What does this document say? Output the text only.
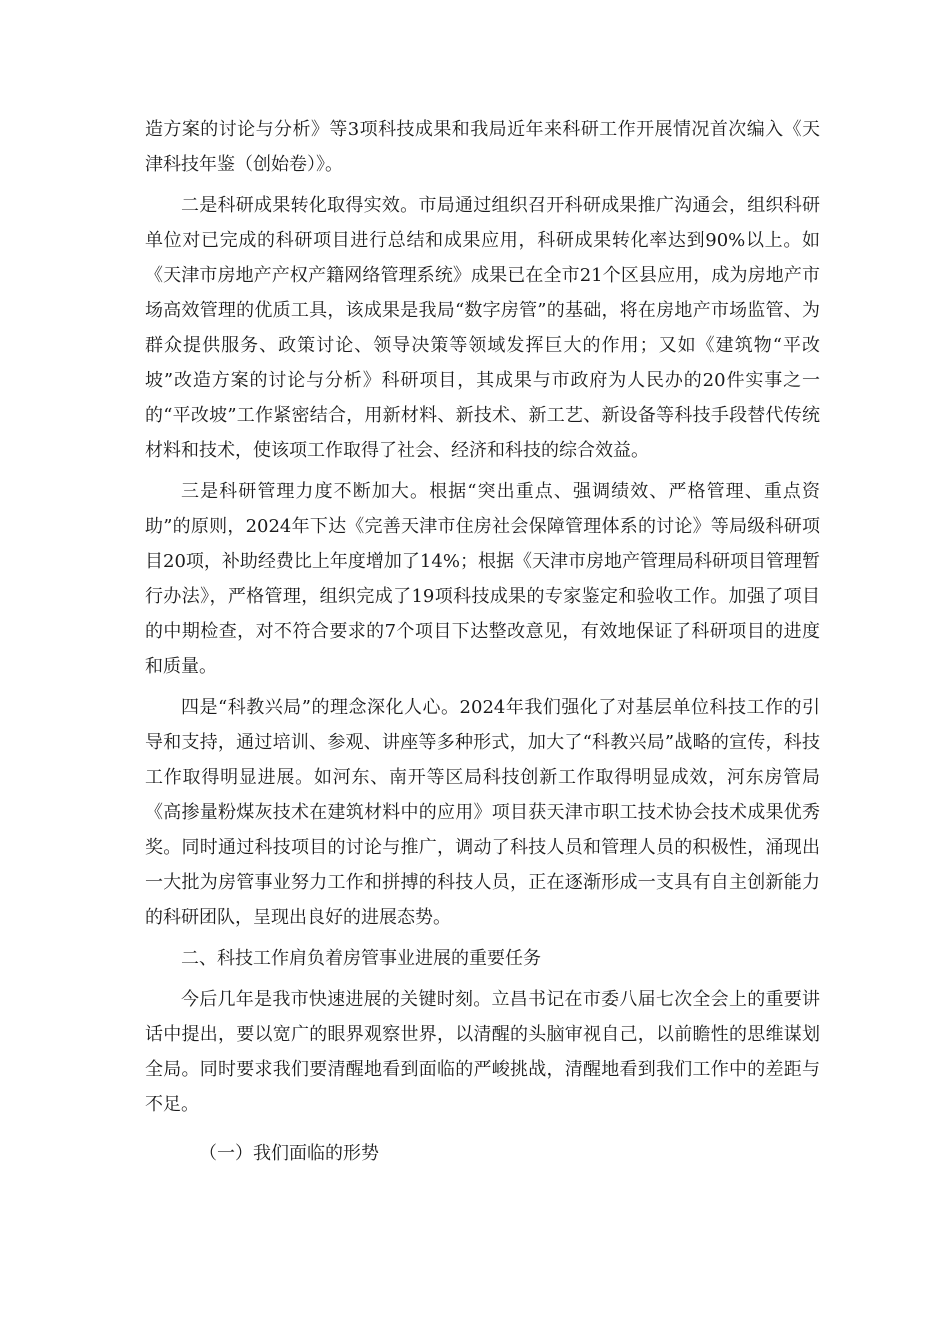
造方案的讨论与分析》等3项科技成果和我局近年来科研工作开展情况首次编入《天津科技年鉴（创始卷）》。

二是科研成果转化取得实效。市局通过组织召开科研成果推广沟通会，组织科研单位对已完成的科研项目进行总结和成果应用，科研成果转化率达到90%以上。如《天津市房地产产权产籍网络管理系统》成果已在全市21个区县应用，成为房地产市场高效管理的优质工具，该成果是我局“数字房管”的基础，将在房地产市场监管、为群众提供服务、政策讨论、领导决策等领域发挥巨大的作用；又如《建筑物“平改坡”改造方案的讨论与分析》科研项目，其成果与市政府为人民办的20件实事之一的“平改坡”工作紧密结合，用新材料、新技术、新工艺、新设备等科技手段替代传统材料和技术，使该项工作取得了社会、经济和科技的综合效益。

三是科研管理力度不断加大。根据“突出重点、强调绩效、严格管理、重点资助”的原则，2024年下达《完善天津市住房社会保障管理体系的讨论》等局级科研项目20项，补助经费比上年度增加了14%；根据《天津市房地产管理局科研项目管理暂行办法》，严格管理，组织完成了19项科技成果的专家鉴定和验收工作。加强了项目的中期检查，对不符合要求的7个项目下达整改意见，有效地保证了科研项目的进度和质量。

四是“科教兴局”的理念深化人心。2024年我们强化了对基层单位科技工作的引导和支持，通过培训、参观、讲座等多种形式，加大了“科教兴局”战略的宣传，科技工作取得明显进展。如河东、南开等区局科技创新工作取得明显成效，河东房管局《高掺量粉煤灰技术在建筑材料中的应用》项目获天津市职工技术协会技术成果优秀奖。同时通过科技项目的讨论与推广，调动了科技人员和管理人员的积极性，涌现出一大批为房管事业努力工作和拼搏的科技人员，正在逐渐形成一支具有自主创新能力的科研团队，呈现出良好的进展态势。

二、科技工作肩负着房管事业进展的重要任务

今后几年是我市快速进展的关键时刻。立昌书记在市委八届七次全会上的重要讲话中提出，要以宽广的眼界观察世界，以清醒的头脑审视自己，以前瞻性的思维谋划全局。同时要求我们要清醒地看到面临的严峻挑战，清醒地看到我们工作中的差距与不足。

（一）我们面临的形势
